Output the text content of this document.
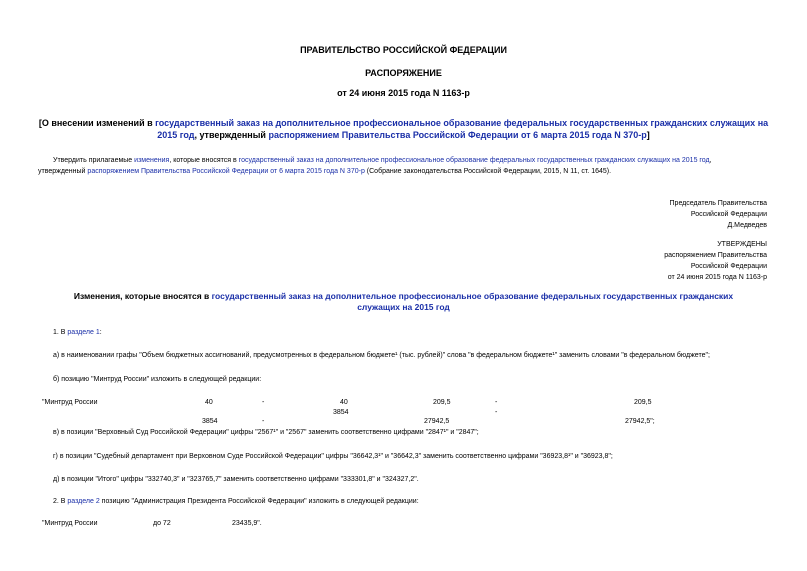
ПРАВИТЕЛЬСТВО РОССИЙСКОЙ ФЕДЕРАЦИИ
РАСПОРЯЖЕНИЕ
от 24 июня 2015 года N 1163-р
[О внесении изменений в государственный заказ на дополнительное профессиональное образование федеральных государственных гражданских служащих на
2015 год, утвержденный распоряжением Правительства Российской Федерации от 6 марта 2015 года N 370-р]
Утвердить прилагаемые изменения, которые вносятся в государственный заказ на дополнительное профессиональное образование федеральных государственных гражданских служащих на 2015 год,
утвержденный распоряжением Правительства Российской Федерации от 6 марта 2015 года N 370-р (Собрание законодательства Российской Федерации, 2015, N 11, ст. 1645).
Председатель Правительства
Российской Федерации
Д.Медведев
УТВЕРЖДЕНЫ
распоряжением Правительства
Российской Федерации
от 24 июня 2015 года N 1163-р
Изменения, которые вносятся в государственный заказ на дополнительное профессиональное образование федеральных государственных гражданских
служащих на 2015 год
1. В разделе 1:
а) в наименовании графы "Объем бюджетных ассигнований, предусмотренных в федеральном бюджете¹ (тыс. рублей)" слова "в федеральном бюджете¹" заменить словами "в федеральном бюджете";
б) позицию "Минтруд России" изложить в следующей редакции:
"Минтруд России	40	-	40	209,5	-	209,5
3854	-
3854	-	27942,5	27942,5";
в) в позиции "Верховный Суд Российской Федерации" цифры "2567¹" и "2567" заменить соответственно цифрами "2847¹" и "2847";
г) в позиции "Судебный департамент при Верховном Суде Российской Федерации" цифры "36642,3¹" и "36642,3" заменить соответственно цифрами "36923,8¹" и "36923,8";
д) в позиции "Итого" цифры "332740,3" и "323765,7" заменить соответственно цифрами "333301,8" и "324327,2".
2. В разделе 2 позицию "Администрация Президента Российской Федерации" изложить в следующей редакции:
"Минтруд России	до 72	23435,9".
